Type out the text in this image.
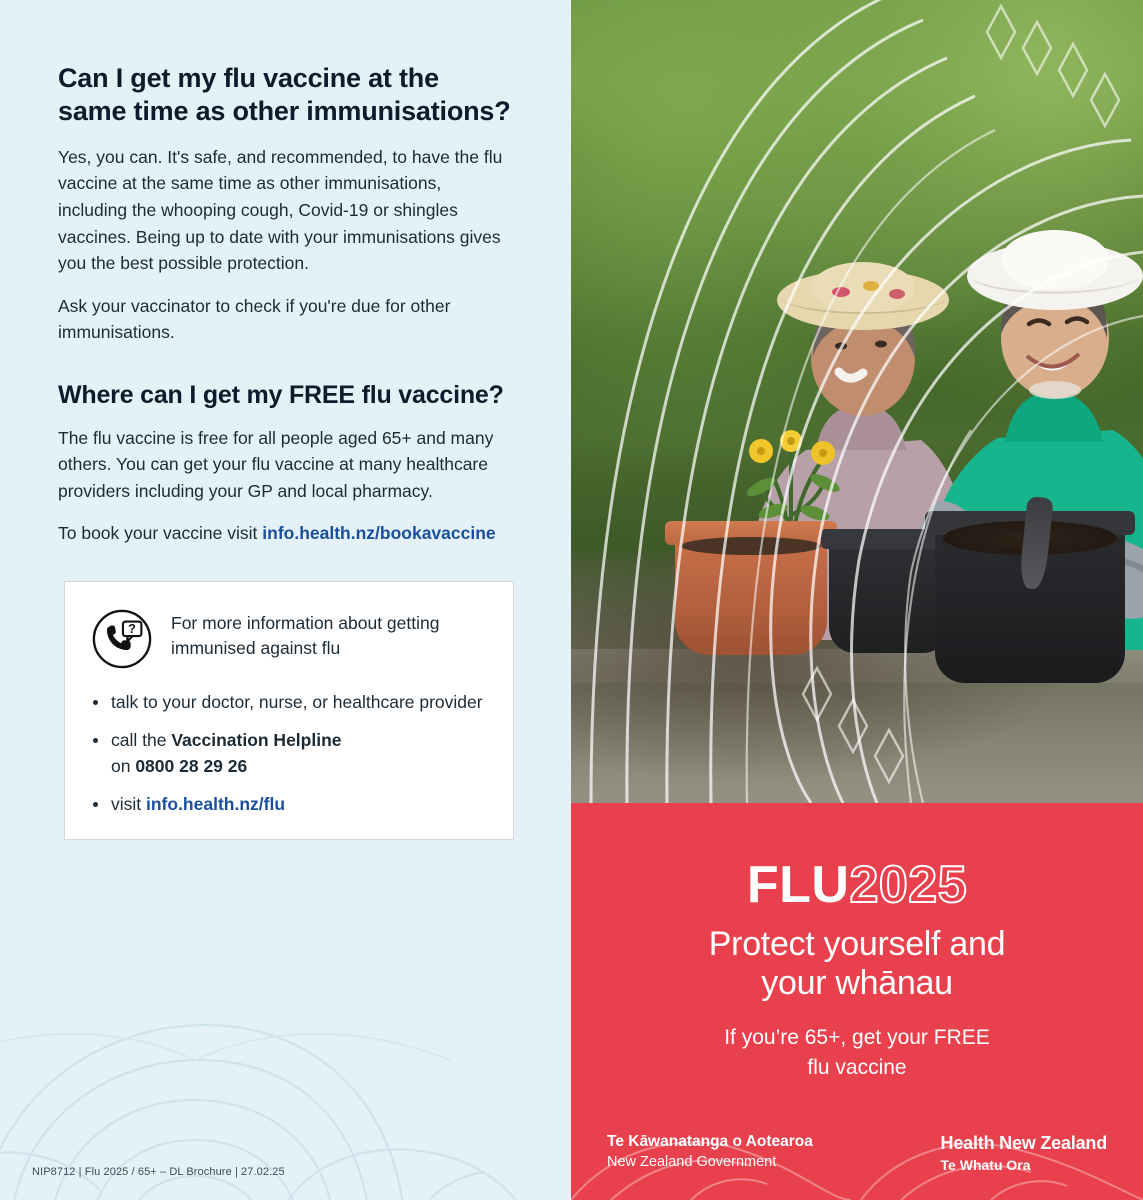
Can I get my flu vaccine at the same time as other immunisations?

Yes, you can. It's safe, and recommended, to have the flu vaccine at the same time as other immunisations, including the whooping cough, Covid-19 or shingles vaccines. Being up to date with your immunisations gives you the best possible protection.

Ask your vaccinator to check if you're due for other immunisations.

Where can I get my FREE flu vaccine?

The flu vaccine is free for all people aged 65+ and many others. You can get your flu vaccine at many healthcare providers including your GP and local pharmacy.

To book your vaccine visit info.health.nz/bookavaccine

? For more information about getting immunised against flu
talk to your doctor, nurse, or healthcare provider
call the Vaccination Helpline
on 0800 28 29 26
visit info.health.nz/flu
NIP8712 | Flu 2025 / 65+ – DL Brochure | 27.02.25
FLU2025
Protect yourself and
your whānau
If you’re 65+, get your FREE
flu vaccine
Te Kāwanatanga o Aotearoa
New Zealand Government
Health New Zealand
Te Whatu Ora
